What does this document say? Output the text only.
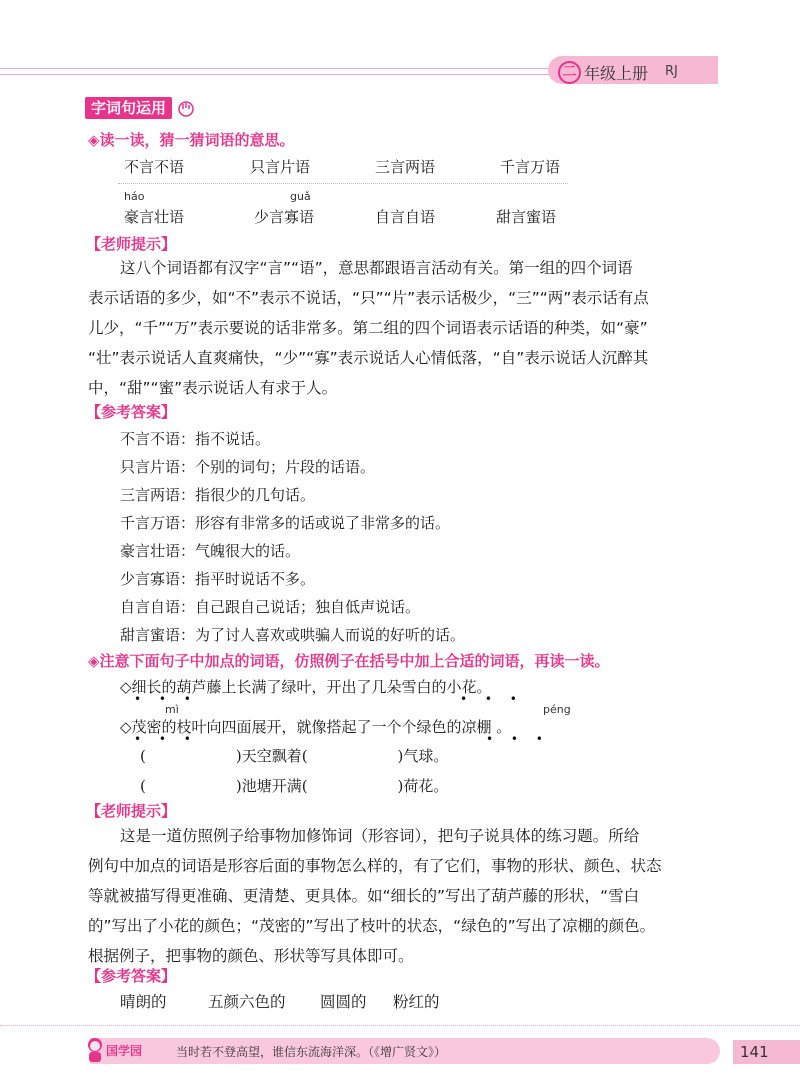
二 年级上册 RJ
字词句运用
◈读一读，猜一猜词语的意思。
不言不语	只言片语	三言两语	千言万语
háo	guǎ
豪言壮语	少言寡语	自言自语	甜言蜜语
【老师提示】
这八个词语都有汉字“言”“语”，意思都跟语言活动有关。第一组的四个词语
表示话语的多少，如“不”表示不说话，“只”“片”表示话极少，“三”“两”表示话有点
儿少，“千”“万”表示要说的话非常多。第二组的四个词语表示话语的种类，如“豪”
“壮”表示说话人直爽痛快，“少”“寡”表示说话人心情低落，“自”表示说话人沉醉其
中，“甜”“蜜”表示说话人有求于人。
【参考答案】
不言不语：指不说话。
只言片语：个别的词句；片段的话语。
三言两语：指很少的几句话。
千言万语：形容有非常多的话或说了非常多的话。
豪言壮语：气魄很大的话。
少言寡语：指平时说话不多。
自言自语：自己跟自己说话；独自低声说话。
甜言蜜语：为了讨人喜欢或哄骗人而说的好听的话。
◈注意下面句子中加点的词语，仿照例子在括号中加上合适的词语，再读一读。
◇细长的葫芦藤上长满了绿叶，开出了几朵雪白的小花。
• • •	• • •
mì	péng
◇茂密的枝叶向四面展开，就像搭起了一个个绿色的凉棚 。
• • •	• • •
(　　　　　　)天空飘着(　　　　　　)气球。
(　　　　　　)池塘开满(　　　　　　)荷花。
【老师提示】
这是一道仿照例子给事物加修饰词（形容词），把句子说具体的练习题。所给
例句中加点的词语是形容后面的事物怎么样的，有了它们，事物的形状、颜色、状态
等就被描写得更准确、更清楚、更具体。如“细长的”写出了葫芦藤的形状，“雪白
的”写出了小花的颜色；“茂密的”写出了枝叶的状态，“绿色的”写出了凉棚的颜色。
根据例子，把事物的颜色、形状等写具体即可。
【参考答案】
晴朗的	五颜六色的 圆圆的 粉红的
国学园	当时若不登高望，谁信东流海洋深。（《增广贤文》）	141
